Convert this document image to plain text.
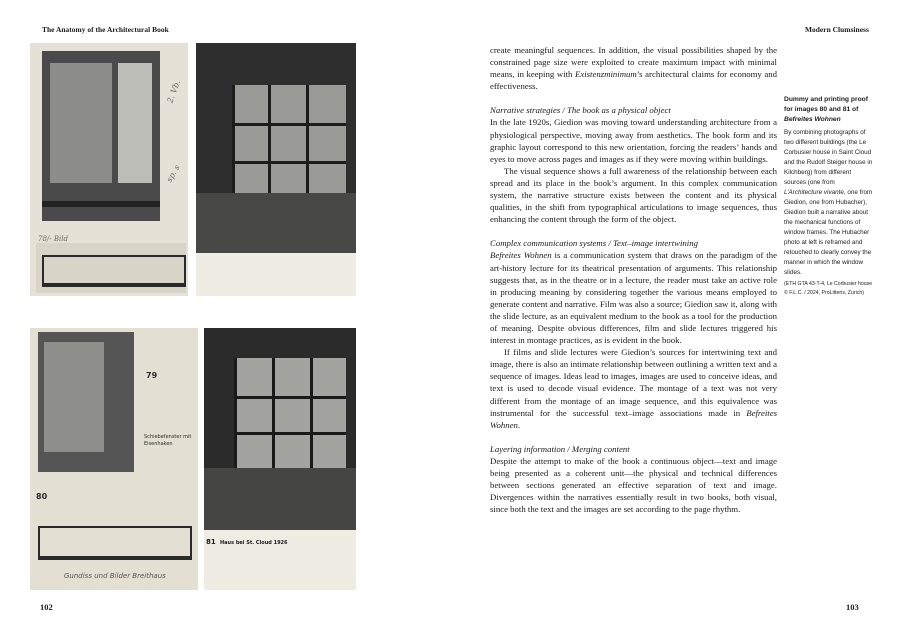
The Anatomy of the Architectural Book	Modern Clumsiness
2. Vb.
sp. s
78/- Bild
79
Schiebefenster mit Eisenhaken
80
Gundiss und Bilder Breithaus
81 Haus bei St. Cloud 1926

create meaningful sequences. In addition, the visual possibilities shaped by the constrained page size were exploited to create maximum impact with minimal means, in keeping with Existenzminimum’s architectural claims for economy and effectiveness.

Narrative strategies / The book as a physical object

In the late 1920s, Giedion was moving toward understanding architecture from a physiological perspective, moving away from aesthetics. The book form and its graphic layout correspond to this new orientation, forcing the readers’ hands and eyes to move across pages and images as if they were moving within buildings.

The visual sequence shows a full awareness of the relationship between each spread and its place in the book’s argument. In this complex communication system, the narrative structure exists between the content and its physical qualities, in the shift from typographical articulations to image sequences, thus enhancing the content through the form of the object.

Complex communication systems / Text–image intertwining

Befreites Wohnen is a communication system that draws on the paradigm of the art-history lecture for its theatrical presentation of arguments. This relationship suggests that, as in the theatre or in a lecture, the reader must take an active role in producing meaning by considering together the various means employed to generate content and narrative. Film was also a source; Giedion saw it, along with the slide lecture, as an equivalent medium to the book as a tool for the production of meaning. Despite obvious differences, film and slide lectures triggered his interest in montage practices, as is evident in the book.

If films and slide lectures were Giedion’s sources for intertwining text and image, there is also an intimate relationship between outlining a written text and a sequence of images. Ideas lead to images, images are used to conceive ideas, and text is used to decode visual evidence. The montage of a text was not very different from the montage of an image sequence, and this equivalence was instrumental for the successful text–image associations made in Befreites Wohnen.

Layering information / Merging content

Despite the attempt to make of the book a continuous object—text and image being presented as a coherent unit—the physical and technical differences between sections generated an effective separation of text and image. Divergences within the narratives essentially result in two books, both visual, since both the text and the images are set according to the page rhythm.

Dummy and printing proof for images 80 and 81 of Befreites Wohnen
By combining photographs of two different buildings (the Le Corbusier house in Saint Cloud and the Rudolf Steiger house in Kilchberg) from different sources (one from L’Architecture vivante, one from Giedion, one from Hubacher), Giedion built a narrative about the mechanical functions of window frames. The Hubacher photo at left is reframed and retouched to clearly convey the manner in which the window slides.
(ETH GTA 43-T-4, Le Corbusier house
© F.L.C. / 2024, ProLitteris, Zurich)
102	103
